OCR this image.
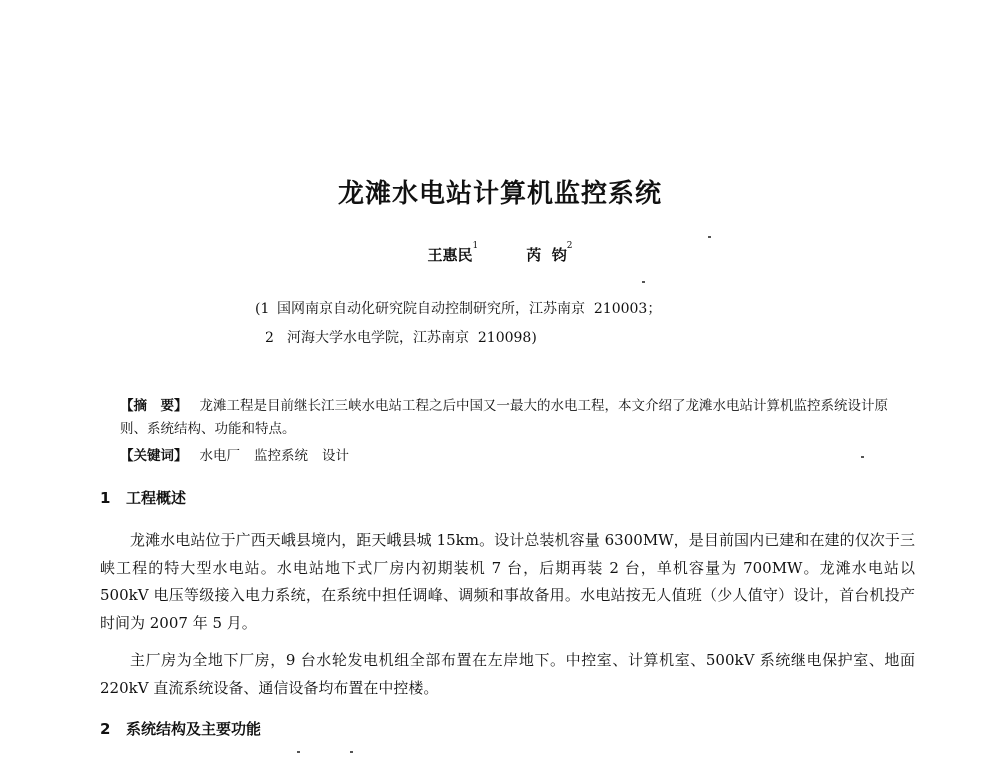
龙滩水电站计算机监控系统
王惠民$^1$	芮  钧$^2$
(1 国网南京自动化研究院自动控制研究所，江苏南京  210003；
2 河海大学水电学院，江苏南京  210098)
【摘　要】 龙滩工程是目前继长江三峡水电站工程之后中国又一最大的水电工程，本文介绍了龙滩水电站计算机监控系统设计原则、系统结构、功能和特点。
【关键词】 水电厂 监控系统 设计
1 工程概述

龙滩水电站位于广西天峨县境内，距天峨县城 15km。设计总装机容量 6300MW，是目前国内已建和在建的仅次于三峡工程的特大型水电站。水电站地下式厂房内初期装机 7 台，后期再装 2 台，单机容量为 700MW。龙滩水电站以 500kV 电压等级接入电力系统，在系统中担任调峰、调频和事故备用。水电站按无人值班（少人值守）设计，首台机投产时间为 2007 年 5 月。

主厂房为全地下厂房，9 台水轮发电机组全部布置在左岸地下。中控室、计算机室、500kV 系统继电保护室、地面 220kV 直流系统设备、通信设备均布置在中控楼。

2 系统结构及主要功能
